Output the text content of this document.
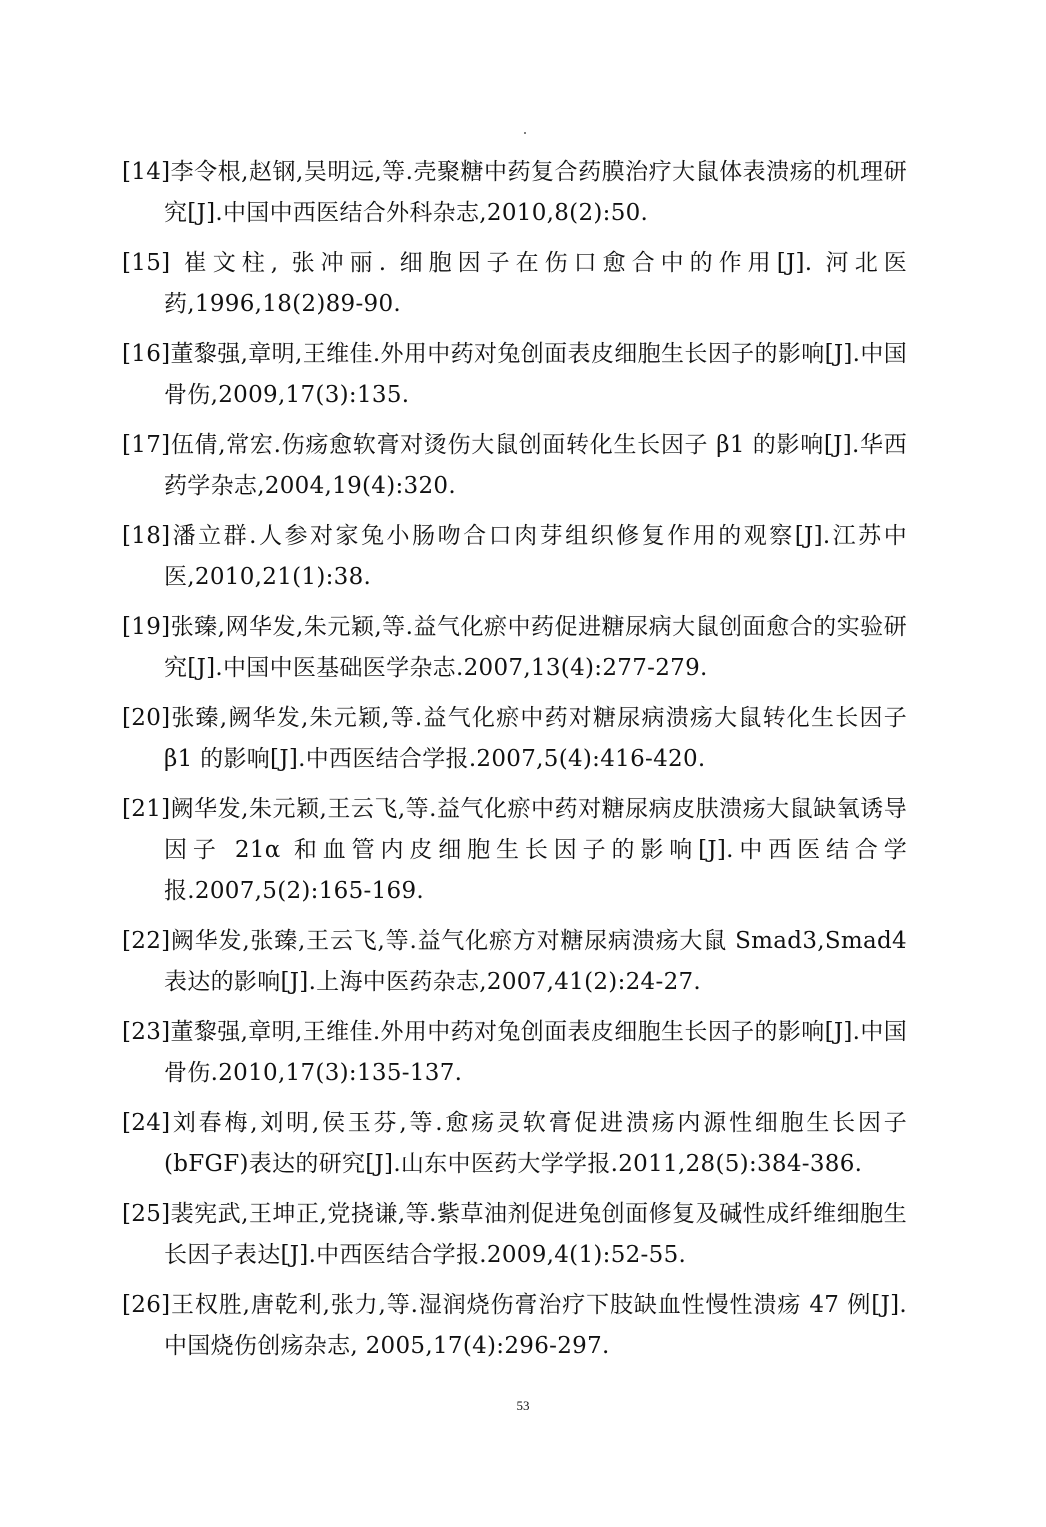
[14]李令根,赵钢,吴明远,等.壳聚糖中药复合药膜治疗大鼠体表溃疡的机理研究[J].中国中西医结合外科杂志,2010,8(2):50.

[15] 崔文柱, 张冲丽. 细胞因子在伤口愈合中的作用[J]. 河北医药,1996,18(2)89-90.

[16]董黎强,章明,王维佳.外用中药对兔创面表皮细胞生长因子的影响[J].中国骨伤,2009,17(3):135.

[17]伍倩,常宏.伤疡愈软膏对烫伤大鼠创面转化生长因子 β1 的影响[J].华西药学杂志,2004,19(4):320.

[18]潘立群.人参对家兔小肠吻合口肉芽组织修复作用的观察[J].江苏中医,2010,21(1):38.

[19]张臻,网华发,朱元颖,等.益气化瘀中药促进糖尿病大鼠创面愈合的实验研究[J].中国中医基础医学杂志.2007,13(4):277-279.

[20]张臻,阙华发,朱元颖,等.益气化瘀中药对糖尿病溃疡大鼠转化生长因子 β1 的影响[J].中西医结合学报.2007,5(4):416-420.

[21]阙华发,朱元颖,王云飞,等.益气化瘀中药对糖尿病皮肤溃疡大鼠缺氧诱导因子 21α 和血管内皮细胞生长因子的影响[J].中西医结合学报.2007,5(2):165-169.

[22]阙华发,张臻,王云飞,等.益气化瘀方对糖尿病溃疡大鼠 Smad3,Smad4表达的影响[J].上海中医药杂志,2007,41(2):24-27.

[23]董黎强,章明,王维佳.外用中药对兔创面表皮细胞生长因子的影响[J].中国骨伤.2010,17(3):135-137.

[24]刘春梅,刘明,侯玉芬,等.愈疡灵软膏促进溃疡内源性细胞生长因子(bFGF)表达的研究[J].山东中医药大学学报.2011,28(5):384-386.

[25]裴宪武,王坤正,党挠谦,等.紫草油剂促进兔创面修复及碱性成纤维细胞生长因子表达[J].中西医结合学报.2009,4(1):52-55.

[26]王权胜,唐乾利,张力,等.湿润烧伤膏治疗下肢缺血性慢性溃疡 47 例[J].中国烧伤创疡杂志, 2005,17(4):296-297.

53
